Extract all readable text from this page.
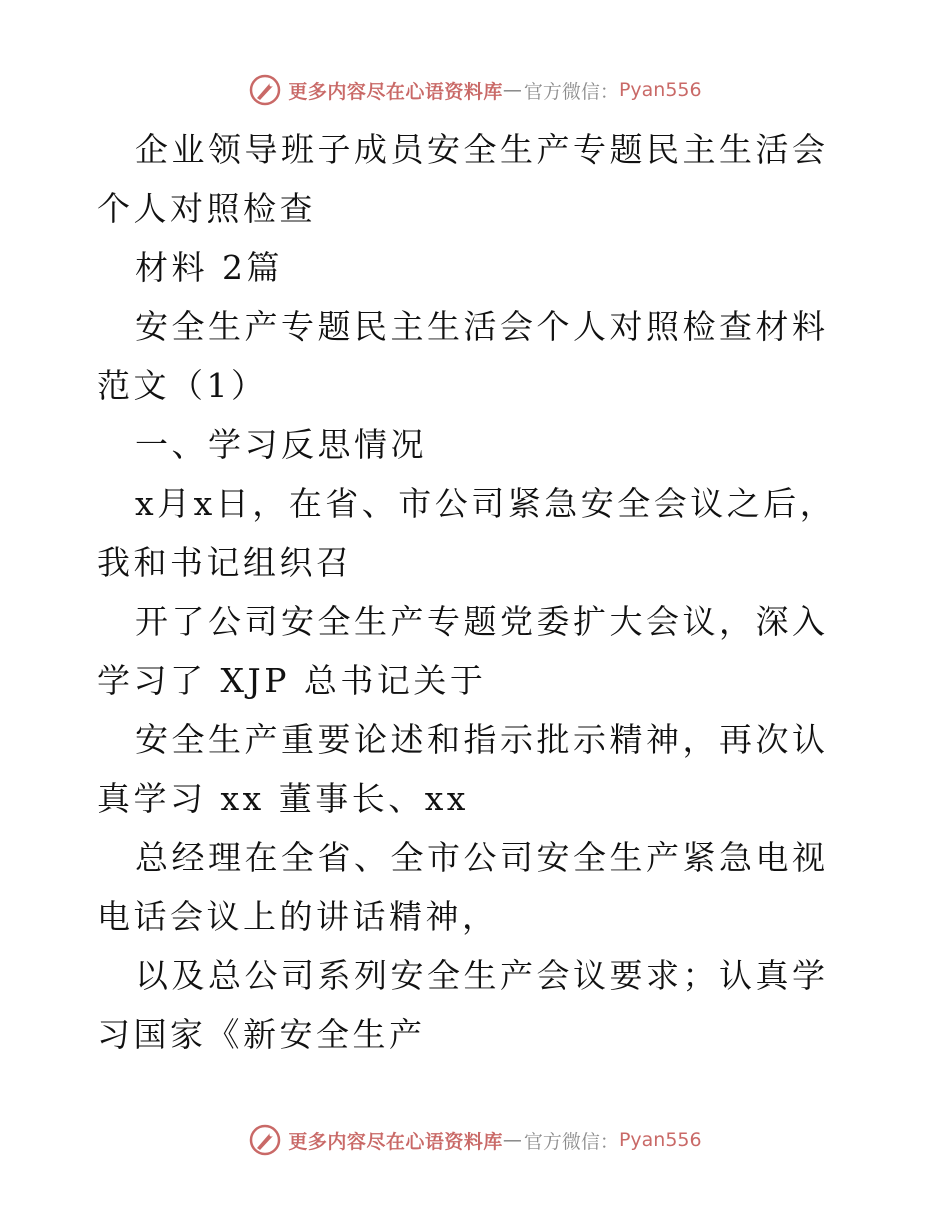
更多内容尽在心语资料库 — 官方微信： Pyan556

企业领导班子成员安全生产专题民主生活会个人对照检查

材料 2篇

安全生产专题民主生活会个人对照检查材料范文（1）

一、学习反思情况

x月x日，在省、市公司紧急安全会议之后，我和书记组织召

开了公司安全生产专题党委扩大会议，深入学习了 XJP 总书记关于

安全生产重要论述和指示批示精神，再次认真学习 xx 董事长、xx

总经理在全省、全市公司安全生产紧急电视电话会议上的讲话精神，

以及总公司系列安全生产会议要求；认真学习国家《新安全生产

更多内容尽在心语资料库 — 官方微信： Pyan556
